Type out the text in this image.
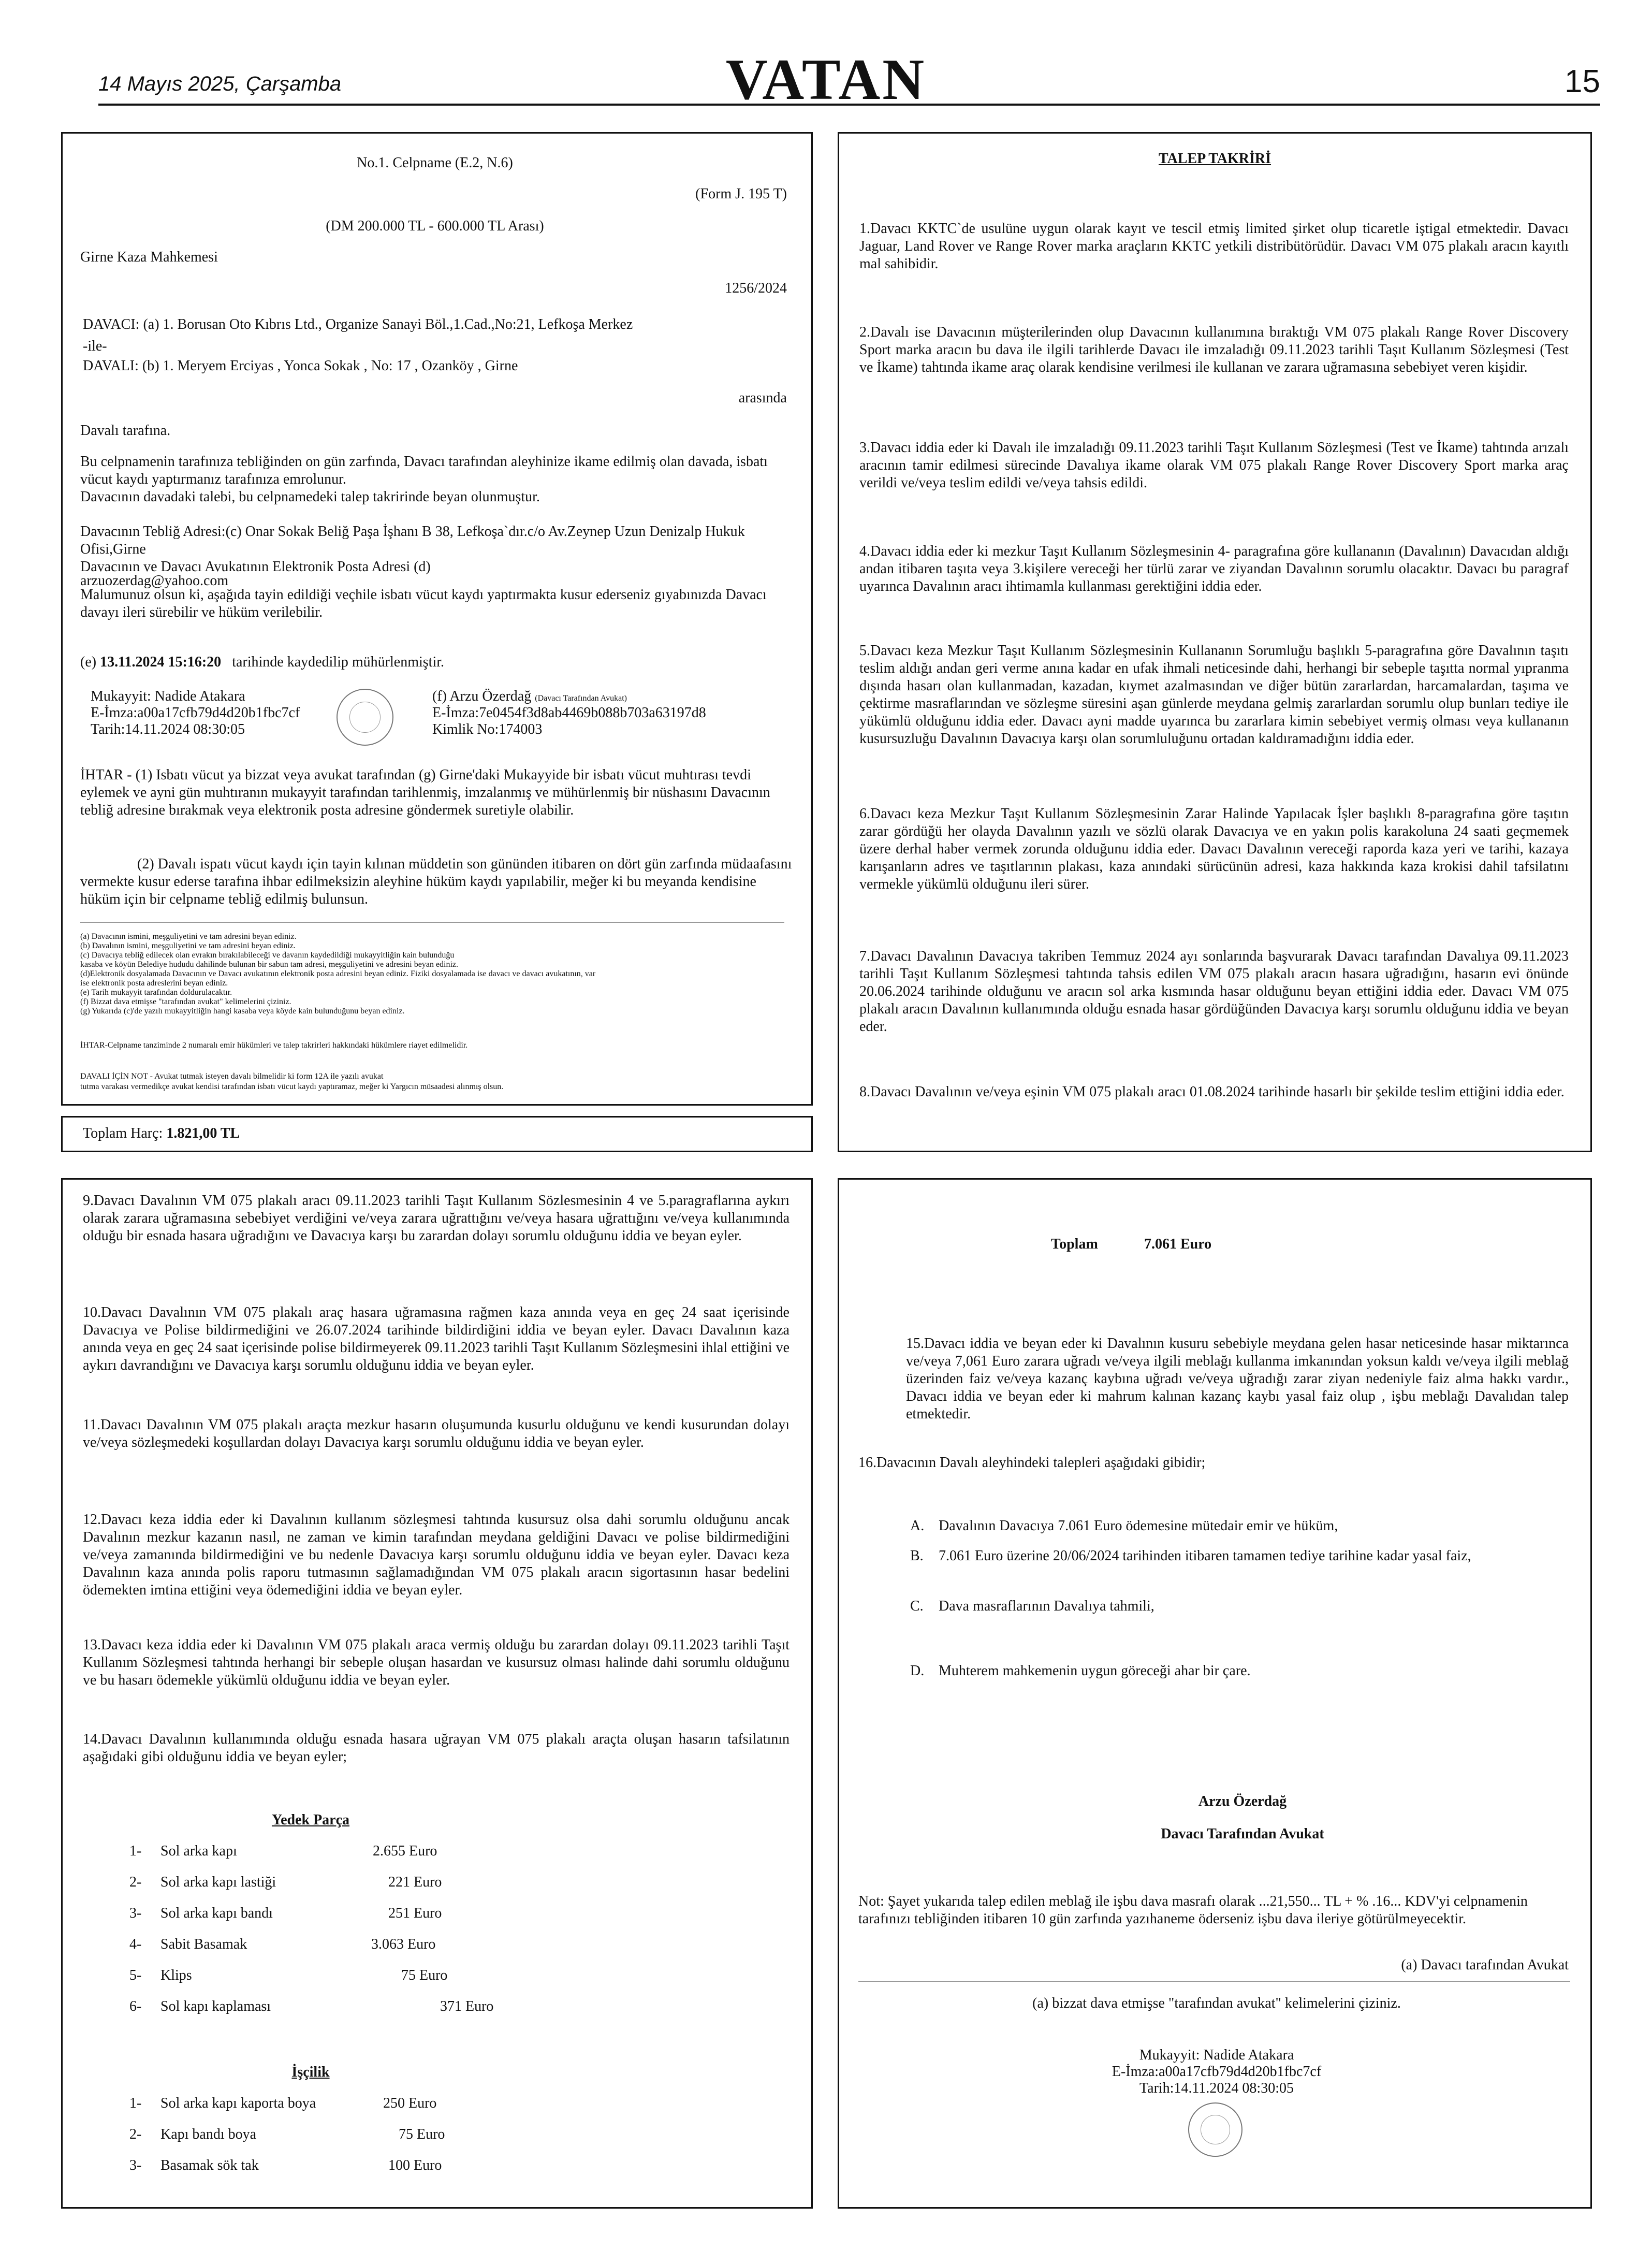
14 Mayıs 2025, Çarşamba	VATAN	15
No.1. Celpname (E.2, N.6)
(Form J. 195 T)
(DM 200.000 TL - 600.000 TL Arası)
Girne Kaza Mahkemesi
1256/2024
DAVACI: (a) 1. Borusan Oto Kıbrıs Ltd., Organize Sanayi Böl.,1.Cad.,No:21, Lefkoşa Merkez
-ile-
DAVALI: (b) 1. Meryem Erciyas , Yonca Sokak , No: 17 , Ozanköy , Girne
arasında
Davalı tarafına.
Bu celpnamenin tarafınıza tebliğinden on gün zarfında, Davacı tarafından aleyhinize ikame edilmiş olan davada, isbatı vücut kaydı yaptırmanız tarafınıza emrolunur.
Davacının davadaki talebi, bu celpnamedeki talep takririnde beyan olunmuştur.
Davacının Tebliğ Adresi:(c) Onar Sokak Beliğ Paşa İşhanı B 38, Lefkoşa`dır.c/o Av.Zeynep Uzun Denizalp Hukuk Ofisi,Girne
Davacının ve Davacı Avukatının Elektronik Posta Adresi (d)
arzuozerdag@yahoo.com
Malumunuz olsun ki, aşağıda tayin edildiği veçhile isbatı vücut kaydı yaptırmakta kusur ederseniz gıyabınızda Davacı davayı ileri sürebilir ve hüküm verilebilir.
(e) 13.11.2024 15:16:20 tarihinde kaydedilip mühürlenmiştir.
Mukayyit: Nadide Atakara
E-İmza:a00a17cfb79d4d20b1fbc7cf
Tarih:14.11.2024 08:30:05
(f) Arzu Özerdağ (Davacı Tarafından Avukat)
E-İmza:7e0454f3d8ab4469b088b703a63197d8
Kimlik No:174003
İHTAR - (1) Isbatı vücut ya bizzat veya avukat tarafından (g) Girne'daki Mukayyide bir isbatı vücut muhtırası tevdi eylemek ve ayni gün muhtıranın mukayyit tarafından tarihlenmiş, imzalanmış ve mühürlenmiş bir nüshasını Davacının tebliğ adresine bırakmak veya elektronik posta adresine göndermek suretiyle olabilir.
(2) Davalı ispatı vücut kaydı için tayin kılınan müddetin son gününden itibaren on dört gün zarfında müdaafasını vermekte kusur ederse tarafına ihbar edilmeksizin aleyhine hüküm kaydı yapılabilir, meğer ki bu meyanda kendisine hüküm için bir celpname tebliğ edilmiş bulunsun.
(a) Davacının ismini, meşguliyetini ve tam adresini beyan ediniz.
(b) Davalının ismini, meşguliyetini ve tam adresini beyan ediniz.
(c) Davacıya tebliğ edilecek olan evrakın bırakılabileceği ve davanın kaydedildiği mukayyitliğin kain bulunduğu
kasaba ve köyün Belediye hududu dahilinde bulunan bir sabun tam adresi, meşguliyetini ve adresini beyan ediniz.
(d)Elektronik dosyalamada Davacının ve Davacı avukatının elektronik posta adresini beyan ediniz. Fiziki dosyalamada ise davacı ve davacı avukatının, var
ise elektronik posta adreslerini beyan ediniz.
(e) Tarih mukayyit tarafından doldurulacaktır.
(f) Bizzat dava etmişse "tarafından avukat" kelimelerini çiziniz.
(g) Yukarıda (c)'de yazılı mukayyitliğin hangi kasaba veya köyde kain bulunduğunu beyan ediniz.
İHTAR-Celpname tanziminde 2 numaralı emir hükümleri ve talep takrirleri hakkındaki hükümlere riayet edilmelidir.
DAVALI İÇİN NOT - Avukat tutmak isteyen davalı bilmelidir ki form 12A ile yazılı avukat
tutma varakası vermedikçe avukat kendisi tarafından isbatı vücut kaydı yaptıramaz, meğer ki Yargıcın müsaadesi alınmış olsun.
Toplam Harç: 1.821,00 TL
TALEP TAKRİRİ
1.Davacı KKTC`de usulüne uygun olarak kayıt ve tescil etmiş limited şirket olup ticaretle iştigal etmektedir. Davacı Jaguar, Land Rover ve Range Rover marka araçların KKTC yetkili distribütörüdür. Davacı VM 075 plakalı aracın kayıtlı mal sahibidir.
2.Davalı ise Davacının müşterilerinden olup Davacının kullanımına bıraktığı VM 075 plakalı Range Rover Discovery Sport marka aracın bu dava ile ilgili tarihlerde Davacı ile imzaladığı 09.11.2023 tarihli Taşıt Kullanım Sözleşmesi (Test ve İkame) tahtında ikame araç olarak kendisine verilmesi ile kullanan ve zarara uğramasına sebebiyet veren kişidir.
3.Davacı iddia eder ki Davalı ile imzaladığı 09.11.2023 tarihli Taşıt Kullanım Sözleşmesi (Test ve İkame) tahtında arızalı aracının tamir edilmesi sürecinde Davalıya ikame olarak VM 075 plakalı Range Rover Discovery Sport marka araç verildi ve/veya teslim edildi ve/veya tahsis edildi.
4.Davacı iddia eder ki mezkur Taşıt Kullanım Sözleşmesinin 4- paragrafına göre kullananın (Davalının) Davacıdan aldığı andan itibaren taşıta veya 3.kişilere vereceği her türlü zarar ve ziyandan Davalının sorumlu olacaktır. Davacı bu paragraf uyarınca Davalının aracı ihtimamla kullanması gerektiğini iddia eder.
5.Davacı keza Mezkur Taşıt Kullanım Sözleşmesinin Kullananın Sorumluğu başlıklı 5-paragrafına göre Davalının taşıtı teslim aldığı andan geri verme anına kadar en ufak ihmali neticesinde dahi, herhangi bir sebeple taşıtta normal yıpranma dışında hasarı olan kullanmadan, kazadan, kıymet azalmasından ve diğer bütün zararlardan, harcamalardan, taşıma ve çektirme masraflarından ve sözleşme süresini aşan günlerde meydana gelmiş zararlardan sorumlu olup bunları tediye ile yükümlü olduğunu iddia eder. Davacı ayni madde uyarınca bu zararlara kimin sebebiyet vermiş olması veya kullananın kusursuzluğu Davalının Davacıya karşı olan sorumluluğunu ortadan kaldıramadığını iddia eder.
6.Davacı keza Mezkur Taşıt Kullanım Sözleşmesinin Zarar Halinde Yapılacak İşler başlıklı 8-paragrafına göre taşıtın zarar gördüğü her olayda Davalının yazılı ve sözlü olarak Davacıya ve en yakın polis karakoluna 24 saati geçmemek üzere derhal haber vermek zorunda olduğunu iddia eder. Davacı Davalının vereceği raporda kaza yeri ve tarihi, kazaya karışanların adres ve taşıtlarının plakası, kaza anındaki sürücünün adresi, kaza hakkında kaza krokisi dahil tafsilatını vermekle yükümlü olduğunu ileri sürer.
7.Davacı Davalının Davacıya takriben Temmuz 2024 ayı sonlarında başvurarak Davacı tarafından Davalıya 09.11.2023 tarihli Taşıt Kullanım Sözleşmesi tahtında tahsis edilen VM 075 plakalı aracın hasara uğradığını, hasarın evi önünde 20.06.2024 tarihinde olduğunu ve aracın sol arka kısmında hasar olduğunu beyan ettiğini iddia eder. Davacı VM 075 plakalı aracın Davalının kullanımında olduğu esnada hasar gördüğünden Davacıya karşı sorumlu olduğunu iddia ve beyan eder.
8.Davacı Davalının ve/veya eşinin VM 075 plakalı aracı 01.08.2024 tarihinde hasarlı bir şekilde teslim ettiğini iddia eder.
9.Davacı Davalının VM 075 plakalı aracı 09.11.2023 tarihli Taşıt Kullanım Sözlesmesinin 4 ve 5.paragraflarına aykırı olarak zarara uğramasına sebebiyet verdiğini ve/veya zarara uğrattığını ve/veya hasara uğrattığını ve/veya kullanımında olduğu bir esnada hasara uğradığını ve Davacıya karşı bu zarardan dolayı sorumlu olduğunu iddia ve beyan eyler.
10.Davacı Davalının VM 075 plakalı araç hasara uğramasına rağmen kaza anında veya en geç 24 saat içerisinde Davacıya ve Polise bildirmediğini ve 26.07.2024 tarihinde bildirdiğini iddia ve beyan eyler. Davacı Davalının kaza anında veya en geç 24 saat içerisinde polise bildirmeyerek 09.11.2023 tarihli Taşıt Kullanım Sözleşmesini ihlal ettiğini ve aykırı davrandığını ve Davacıya karşı sorumlu olduğunu iddia ve beyan eyler.
11.Davacı Davalının VM 075 plakalı araçta mezkur hasarın oluşumunda kusurlu olduğunu ve kendi kusurundan dolayı ve/veya sözleşmedeki koşullardan dolayı Davacıya karşı sorumlu olduğunu iddia ve beyan eyler.
12.Davacı keza iddia eder ki Davalının kullanım sözleşmesi tahtında kusursuz olsa dahi sorumlu olduğunu ancak Davalının mezkur kazanın nasıl, ne zaman ve kimin tarafından meydana geldiğini Davacı ve polise bildirmediğini ve/veya zamanında bildirmediğini ve bu nedenle Davacıya karşı sorumlu olduğunu iddia ve beyan eyler. Davacı keza Davalının kaza anında polis raporu tutmasının sağlamadığından VM 075 plakalı aracın sigortasının hasar bedelini ödemekten imtina ettiğini veya ödemediğini iddia ve beyan eyler.
13.Davacı keza iddia eder ki Davalının VM 075 plakalı araca vermiş olduğu bu zarardan dolayı 09.11.2023 tarihli Taşıt Kullanım Sözleşmesi tahtında herhangi bir sebeple oluşan hasardan ve kusursuz olması halinde dahi sorumlu olduğunu ve bu hasarı ödemekle yükümlü olduğunu iddia ve beyan eyler.
14.Davacı Davalının kullanımında olduğu esnada hasara uğrayan VM 075 plakalı araçta oluşan hasarın tafsilatının aşağıdaki gibi olduğunu iddia ve beyan eyler;
Yedek Parça
1- Sol arka kapı	2.655 Euro
2- Sol arka kapı lastiği	221 Euro
3- Sol arka kapı bandı	251 Euro
4- Sabit Basamak	3.063 Euro
5- Klips	75 Euro
6- Sol kapı kaplaması	371 Euro
İşçilik
1- Sol arka kapı kaporta boya	250 Euro
2- Kapı bandı boya	75 Euro
3- Basamak sök tak	100 Euro
Toplam	7.061 Euro
15.Davacı iddia ve beyan eder ki Davalının kusuru sebebiyle meydana gelen hasar neticesinde hasar miktarınca ve/veya 7,061 Euro zarara uğradı ve/veya ilgili meblağı kullanma imkanından yoksun kaldı ve/veya ilgili meblağ üzerinden faiz ve/veya kazanç kaybına uğradı ve/veya uğradığı zarar ziyan nedeniyle faiz alma hakkı vardır., Davacı iddia ve beyan eder ki mahrum kalınan kazanç kaybı yasal faiz olup , işbu meblağı Davalıdan talep etmektedir.
16.Davacının Davalı aleyhindeki talepleri aşağıdaki gibidir;
A. Davalının Davacıya 7.061 Euro ödemesine mütedair emir ve hüküm,
B. 7.061 Euro üzerine 20/06/2024 tarihinden itibaren tamamen tediye tarihine kadar yasal faiz,
C. Dava masraflarının Davalıya tahmili,
D. Muhterem mahkemenin uygun göreceği ahar bir çare.
Arzu Özerdağ
Davacı Tarafından Avukat
Not: Şayet yukarıda talep edilen meblağ ile işbu dava masrafı olarak ...21,550... TL + % .16... KDV'yi celpnamenin tarafınızı tebliğinden itibaren 10 gün zarfında yazıhaneme öderseniz işbu dava ileriye götürülmeyecektir.
(a) Davacı tarafından Avukat
(a) bizzat dava etmişse "tarafından avukat" kelimelerini çiziniz.
Mukayyit: Nadide Atakara
E-İmza:a00a17cfb79d4d20b1fbc7cf
Tarih:14.11.2024 08:30:05
